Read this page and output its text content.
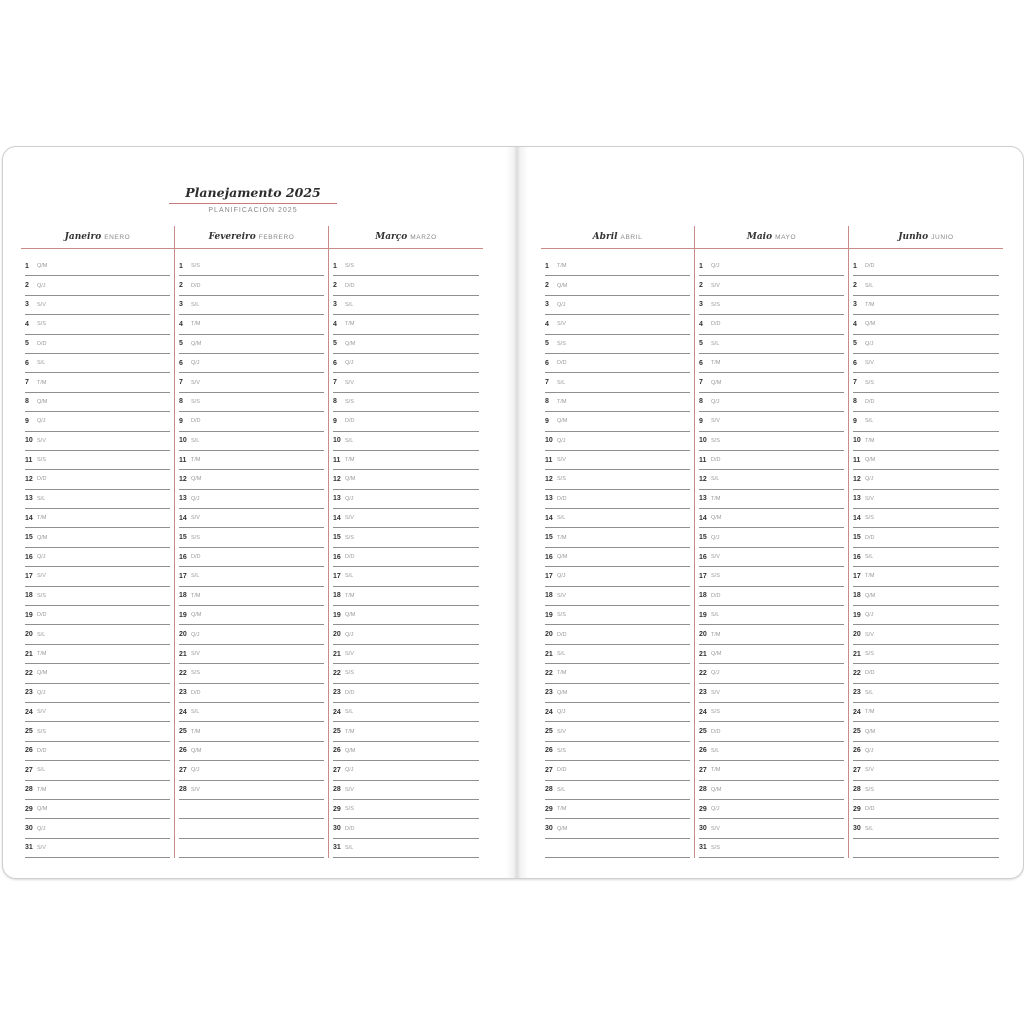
Planejamento 2025
PLANIFICACIÓN 2025
Janeiro ENERO
1	Q/M
2	Q/J
3	S/V
4	S/S
5	D/D
6	S/L
7	T/M
8	Q/M
9	Q/J
10 S/V
11 S/S
12 D/D
13 S/L
14 T/M
15 Q/M
16 Q/J
17 S/V
18 S/S
19 D/D
20 S/L
21 T/M
22 Q/M
23 Q/J
24 S/V
25 S/S
26 D/D
27 S/L
28 T/M
29 Q/M
30 Q/J
31 S/V
Fevereiro FEBRERO
1	S/S
2	D/D
3	S/L
4	T/M
5	Q/M
6	Q/J
7	S/V
8	S/S
9	D/D
10 S/L
11 T/M
12 Q/M
13 Q/J
14 S/V
15 S/S
16 D/D
17 S/L
18 T/M
19 Q/M
20 Q/J
21 S/V
22 S/S
23 D/D
24 S/L
25 T/M
26 Q/M
27 Q/J
28 S/V
Março MARZO
1	S/S
2	D/D
3	S/L
4	T/M
5	Q/M
6	Q/J
7	S/V
8	S/S
9	D/D
10 S/L
11 T/M
12 Q/M
13 Q/J
14 S/V
15 S/S
16 D/D
17 S/L
18 T/M
19 Q/M
20 Q/J
21 S/V
22 S/S
23 D/D
24 S/L
25 T/M
26 Q/M
27 Q/J
28 S/V
29 S/S
30 D/D
31 S/L
Abril ABRIL
1	T/M
2	Q/M
3	Q/J
4	S/V
5	S/S
6	D/D
7	S/L
8	T/M
9	Q/M
10 Q/J
11 S/V
12 S/S
13 D/D
14 S/L
15 T/M
16 Q/M
17 Q/J
18 S/V
19 S/S
20 D/D
21 S/L
22 T/M
23 Q/M
24 Q/J
25 S/V
26 S/S
27 D/D
28 S/L
29 T/M
30 Q/M
Maio MAYO
1	Q/J
2	S/V
3	S/S
4	D/D
5	S/L
6	T/M
7	Q/M
8	Q/J
9	S/V
10 S/S
11 D/D
12 S/L
13 T/M
14 Q/M
15 Q/J
16 S/V
17 S/S
18 D/D
19 S/L
20 T/M
21 Q/M
22 Q/J
23 S/V
24 S/S
25 D/D
26 S/L
27 T/M
28 Q/M
29 Q/J
30 S/V
31 S/S
Junho JUNIO
1	D/D
2	S/L
3	T/M
4	Q/M
5	Q/J
6	S/V
7	S/S
8	D/D
9	S/L
10 T/M
11 Q/M
12 Q/J
13 S/V
14 S/S
15 D/D
16 S/L
17 T/M
18 Q/M
19 Q/J
20 S/V
21 S/S
22 D/D
23 S/L
24 T/M
25 Q/M
26 Q/J
27 S/V
28 S/S
29 D/D
30 S/L
